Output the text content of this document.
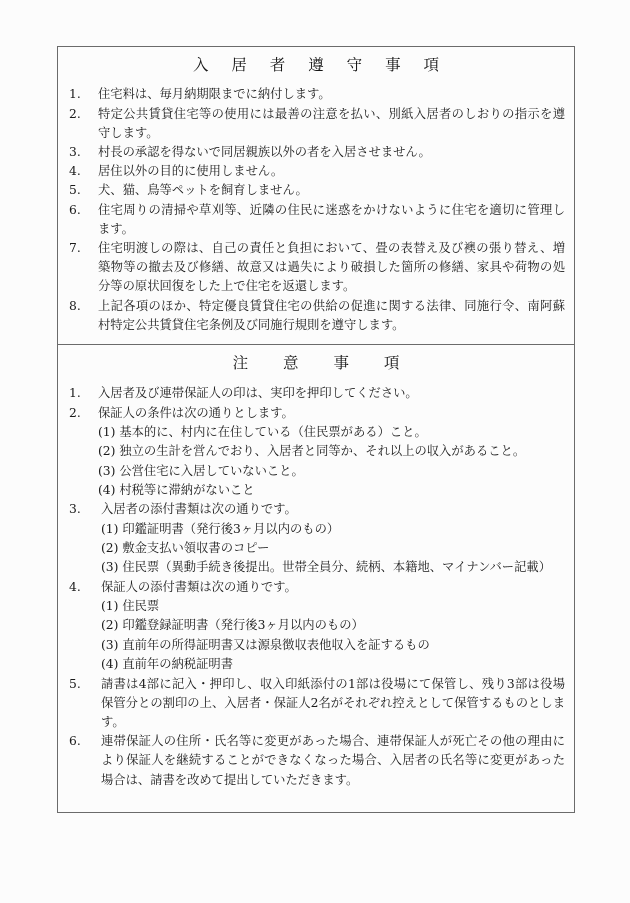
入 居 者 遵 守 事 項
1.	住宅料は、毎月納期限までに納付します。
2.	特定公共賃貸住宅等の使用には最善の注意を払い、別紙入居者のしおりの指示を遵守します。
3.	村長の承認を得ないで同居親族以外の者を入居させません。
4.	居住以外の目的に使用しません。
5.	犬、猫、鳥等ペットを飼育しません。
6.	住宅周りの清掃や草刈等、近隣の住民に迷惑をかけないように住宅を適切に管理します。
7.	住宅明渡しの際は、自己の責任と負担において、畳の表替え及び襖の張り替え、増築物等の撤去及び修繕、故意又は過失により破損した箇所の修繕、家具や荷物の処分等の原状回復をした上で住宅を返還します。
8.	上記各項のほか、特定優良賃貸住宅の供給の促進に関する法律、同施行令、南阿蘇村特定公共賃貸住宅条例及び同施行規則を遵守します。
注 意 事 項
1.	入居者及び連帯保証人の印は、実印を押印してください。
2.	保証人の条件は次の通りとします。
(1) 基本的に、村内に在住している（住民票がある）こと。
(2) 独立の生計を営んでおり、入居者と同等か、それ以上の収入があること。
(3) 公営住宅に入居していないこと。
(4) 村税等に滞納がないこと
3.	入居者の添付書類は次の通りです。
(1) 印鑑証明書（発行後3ヶ月以内のもの）
(2) 敷金支払い領収書のコピー
(3) 住民票（異動手続き後提出。世帯全員分、続柄、本籍地、マイナンバー記載）
4.	保証人の添付書類は次の通りです。
(1) 住民票
(2) 印鑑登録証明書（発行後3ヶ月以内のもの）
(3) 直前年の所得証明書又は源泉徴収表他収入を証するもの
(4) 直前年の納税証明書
5.	請書は4部に記入・押印し、収入印紙添付の1部は役場にて保管し、残り3部は役場保管分との割印の上、入居者・保証人2名がそれぞれ控えとして保管するものとします。
6.	連帯保証人の住所・氏名等に変更があった場合、連帯保証人が死亡その他の理由により保証人を継続することができなくなった場合、入居者の氏名等に変更があった場合は、請書を改めて提出していただきます。
